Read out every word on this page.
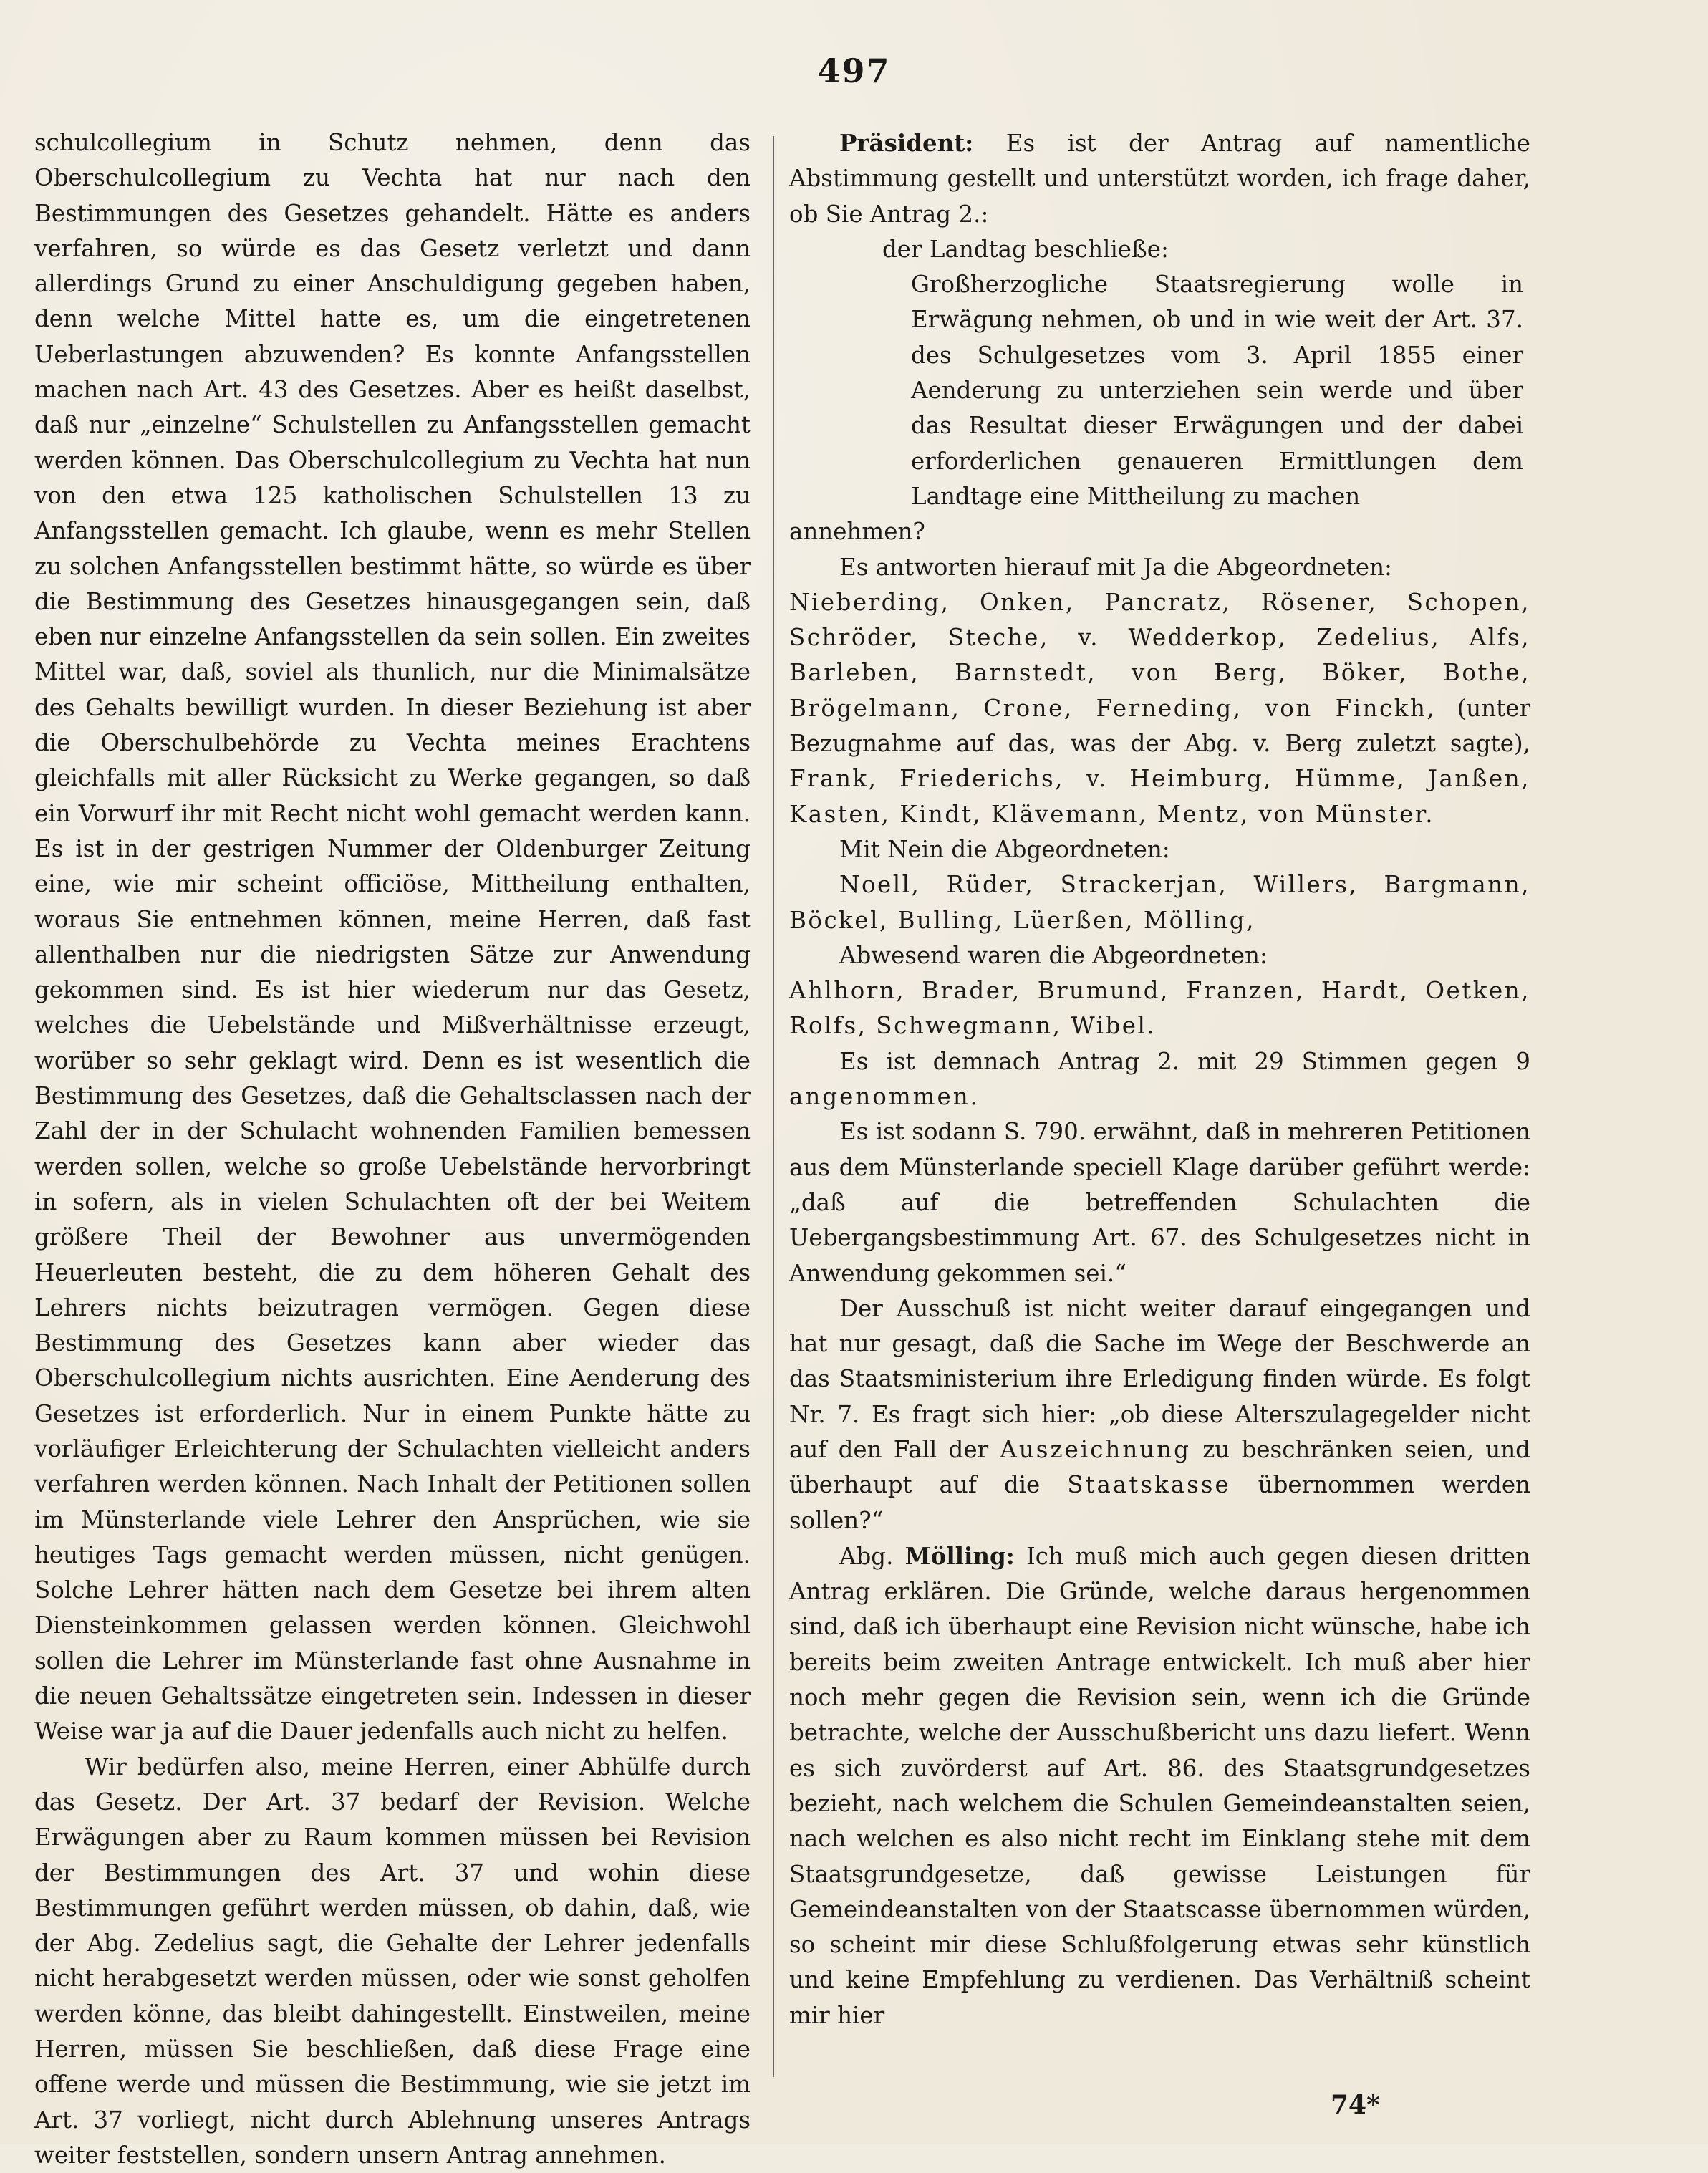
497

schulcollegium in Schutz nehmen, denn das Oberschulcollegium zu Vechta hat nur nach den Bestimmungen des Gesetzes gehandelt. Hätte es anders verfahren, so würde es das Gesetz verletzt und dann allerdings Grund zu einer Anschuldigung gegeben haben, denn welche Mittel hatte es, um die eingetretenen Ueberlastungen abzuwenden? Es konnte Anfangsstellen machen nach Art. 43 des Gesetzes. Aber es heißt daselbst, daß nur „einzelne“ Schulstellen zu Anfangsstellen gemacht werden können. Das Oberschulcollegium zu Vechta hat nun von den etwa 125 katholischen Schulstellen 13 zu Anfangsstellen gemacht. Ich glaube, wenn es mehr Stellen zu solchen Anfangsstellen bestimmt hätte, so würde es über die Bestimmung des Gesetzes hinausgegangen sein, daß eben nur einzelne Anfangsstellen da sein sollen. Ein zweites Mittel war, daß, soviel als thunlich, nur die Minimalsätze des Gehalts bewilligt wurden. In dieser Beziehung ist aber die Oberschulbehörde zu Vechta meines Erachtens gleichfalls mit aller Rücksicht zu Werke gegangen, so daß ein Vorwurf ihr mit Recht nicht wohl gemacht werden kann. Es ist in der gestrigen Nummer der Oldenburger Zeitung eine, wie mir scheint officiöse, Mittheilung enthalten, woraus Sie entnehmen können, meine Herren, daß fast allenthalben nur die niedrigsten Sätze zur Anwendung gekommen sind. Es ist hier wiederum nur das Gesetz, welches die Uebelstände und Mißverhältnisse erzeugt, worüber so sehr geklagt wird. Denn es ist wesentlich die Bestimmung des Gesetzes, daß die Gehaltsclassen nach der Zahl der in der Schulacht wohnenden Familien bemessen werden sollen, welche so große Uebelstände hervorbringt in sofern, als in vielen Schulachten oft der bei Weitem größere Theil der Bewohner aus unvermögenden Heuerleuten besteht, die zu dem höheren Gehalt des Lehrers nichts beizutragen vermögen. Gegen diese Bestimmung des Gesetzes kann aber wieder das Oberschulcollegium nichts ausrichten. Eine Aenderung des Gesetzes ist erforderlich. Nur in einem Punkte hätte zu vorläufiger Erleichterung der Schulachten vielleicht anders verfahren werden können. Nach Inhalt der Petitionen sollen im Münsterlande viele Lehrer den Ansprüchen, wie sie heutiges Tags gemacht werden müssen, nicht genügen. Solche Lehrer hätten nach dem Gesetze bei ihrem alten Diensteinkommen gelassen werden können. Gleichwohl sollen die Lehrer im Münsterlande fast ohne Ausnahme in die neuen Gehaltssätze eingetreten sein. Indessen in dieser Weise war ja auf die Dauer jedenfalls auch nicht zu helfen.

Wir bedürfen also, meine Herren, einer Abhülfe durch das Gesetz. Der Art. 37 bedarf der Revision. Welche Erwägungen aber zu Raum kommen müssen bei Revision der Bestimmungen des Art. 37 und wohin diese Bestimmungen geführt werden müssen, ob dahin, daß, wie der Abg. Zedelius sagt, die Gehalte der Lehrer jedenfalls nicht herabgesetzt werden müssen, oder wie sonst geholfen werden könne, das bleibt dahingestellt. Einstweilen, meine Herren, müssen Sie beschließen, daß diese Frage eine offene werde und müssen die Bestimmung, wie sie jetzt im Art. 37 vorliegt, nicht durch Ablehnung unseres Antrags weiter feststellen, sondern unsern Antrag annehmen.

Präsident: Es ist der Antrag auf namentliche Abstimmung gestellt und unterstützt worden, ich frage daher, ob Sie Antrag 2.:

der Landtag beschließe:

Großherzogliche Staatsregierung wolle in Erwägung nehmen, ob und in wie weit der Art. 37. des Schulgesetzes vom 3. April 1855 einer Aenderung zu unterziehen sein werde und über das Resultat dieser Erwägungen und der dabei erforderlichen genaueren Ermittlungen dem Landtage eine Mittheilung zu machen

annehmen?

Es antworten hierauf mit Ja die Abgeordneten:

Nieberding, Onken, Pancratz, Rösener, Schopen, Schröder, Steche, v. Wedderkop, Zedelius, Alfs, Barleben, Barnstedt, von Berg, Böker, Bothe, Brögelmann, Crone, Ferneding, von Finckh, (unter Bezugnahme auf das, was der Abg. v. Berg zuletzt sagte), Frank, Friederichs, v. Heimburg, Hümme, Janßen, Kasten, Kindt, Klävemann, Mentz, von Münster.

Mit Nein die Abgeordneten:

Noell, Rüder, Strackerjan, Willers, Bargmann, Böckel, Bulling, Lüerßen, Mölling,

Abwesend waren die Abgeordneten:

Ahlhorn, Brader, Brumund, Franzen, Hardt, Oetken, Rolfs, Schwegmann, Wibel.

Es ist demnach Antrag 2. mit 29 Stimmen gegen 9 angenommen.

Es ist sodann S. 790. erwähnt, daß in mehreren Petitionen aus dem Münsterlande speciell Klage darüber geführt werde: „daß auf die betreffenden Schulachten die Uebergangsbestimmung Art. 67. des Schulgesetzes nicht in Anwendung gekommen sei.“

Der Ausschuß ist nicht weiter darauf eingegangen und hat nur gesagt, daß die Sache im Wege der Beschwerde an das Staatsministerium ihre Erledigung finden würde. Es folgt Nr. 7. Es fragt sich hier: „ob diese Alterszulagegelder nicht auf den Fall der Auszeichnung zu beschränken seien, und überhaupt auf die Staatskasse übernommen werden sollen?“

Abg. Mölling: Ich muß mich auch gegen diesen dritten Antrag erklären. Die Gründe, welche daraus hergenommen sind, daß ich überhaupt eine Revision nicht wünsche, habe ich bereits beim zweiten Antrage entwickelt. Ich muß aber hier noch mehr gegen die Revision sein, wenn ich die Gründe betrachte, welche der Ausschußbericht uns dazu liefert. Wenn es sich zuvörderst auf Art. 86. des Staatsgrundgesetzes bezieht, nach welchem die Schulen Gemeindeanstalten seien, nach welchen es also nicht recht im Einklang stehe mit dem Staatsgrundgesetze, daß gewisse Leistungen für Gemeindeanstalten von der Staatscasse übernommen würden, so scheint mir diese Schlußfolgerung etwas sehr künstlich und keine Empfehlung zu verdienen. Das Verhältniß scheint mir hier

74*
